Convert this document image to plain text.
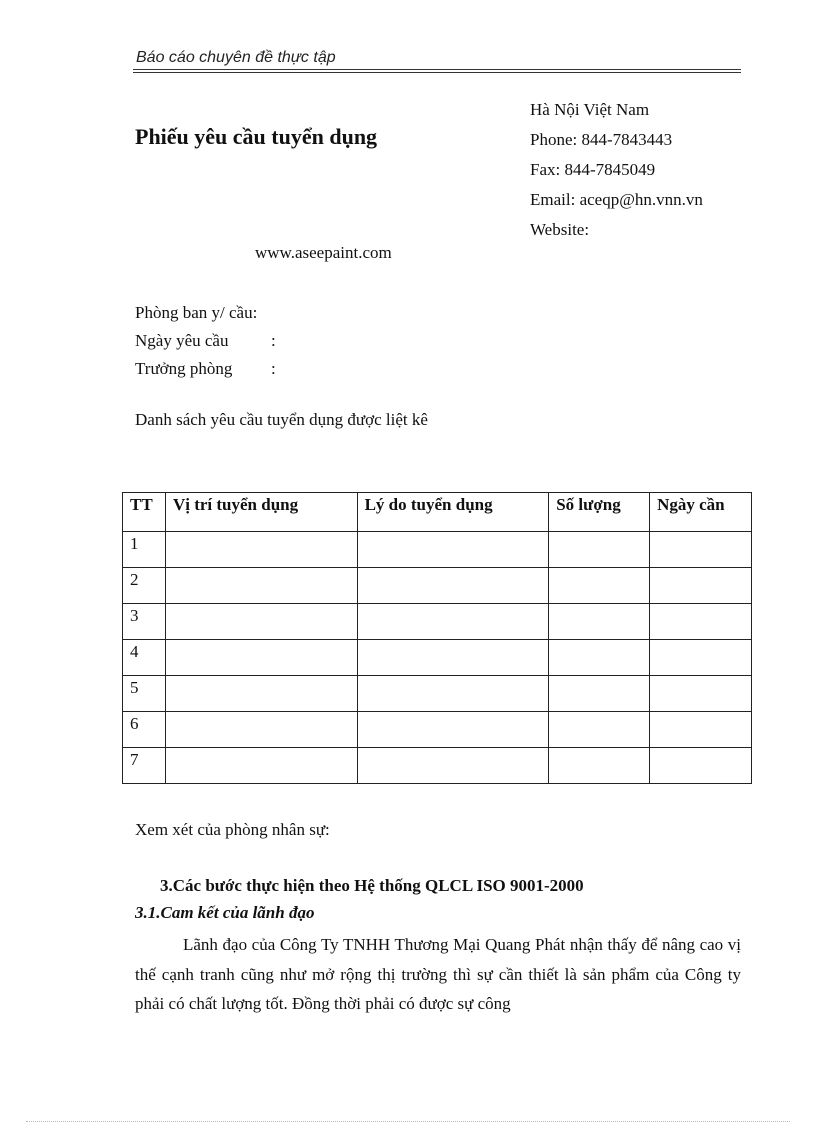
Báo cáo chuyên đề thực tập
Phiếu yêu cầu tuyển dụng
Hà Nội Việt Nam
Phone: 844-7843443
Fax: 844-7845049
Email: aceqp@hn.vnn.vn
Website:
www.aseepaint.com
Phòng ban y/ cầu:
Ngày yêu cầu	:
Trưởng phòng	:
Danh sách yêu cầu tuyển dụng được liệt kê
TT	Vị trí tuyển dụng	Lý do tuyển dụng	Số lượng	Ngày cần
1				
2				
3				
4				
5				
6				
7				
Xem xét của phòng nhân sự:
3.Các bước thực hiện theo Hệ thống QLCL ISO 9001-2000
3.1.Cam kết của lãnh đạo
Lãnh đạo của Công Ty TNHH Thương Mại Quang Phát nhận thấy để nâng cao vị thế cạnh tranh cũng như mở rộng thị trường thì sự cần thiết là sản phẩm của Công ty phải có chất lượng tốt. Đồng thời phải có được sự công
